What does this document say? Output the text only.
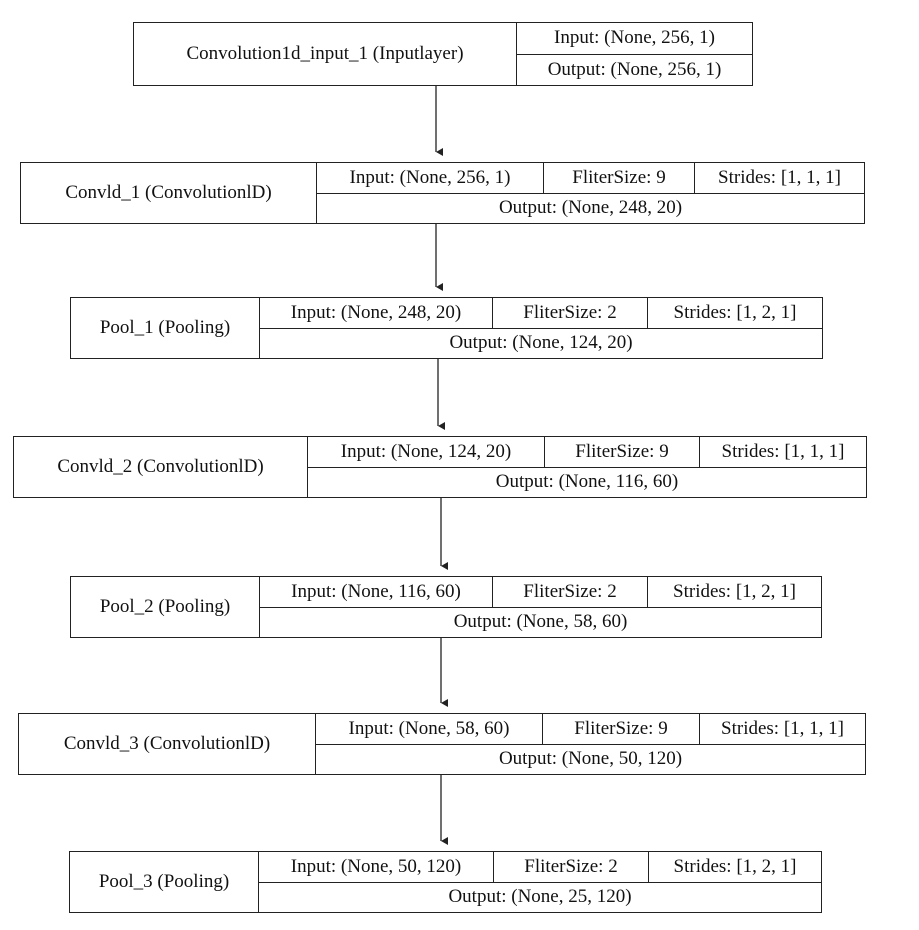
Convolution1d_input_1 (Inputlayer)
Input: (None, 256, 1)
Output: (None, 256, 1)
Convld_1 (ConvolutionlD)
Input: (None, 256, 1)	FliterSize: 9	Strides: [1, 1, 1]
Output: (None, 248, 20)
Pool_1 (Pooling)
Input: (None, 248, 20)	FliterSize: 2	Strides: [1, 2, 1]
Output: (None, 124, 20)
Convld_2 (ConvolutionlD)
Input: (None, 124, 20)	FliterSize: 9	Strides: [1, 1, 1]
Output: (None, 116, 60)
Pool_2 (Pooling)
Input: (None, 116, 60)	FliterSize: 2	Strides: [1, 2, 1]
Output: (None, 58, 60)
Convld_3 (ConvolutionlD)
Input: (None, 58, 60)	FliterSize: 9	Strides: [1, 1, 1]
Output: (None, 50, 120)
Pool_3 (Pooling)
Input: (None, 50, 120)	FliterSize: 2	Strides: [1, 2, 1]
Output: (None, 25, 120)
